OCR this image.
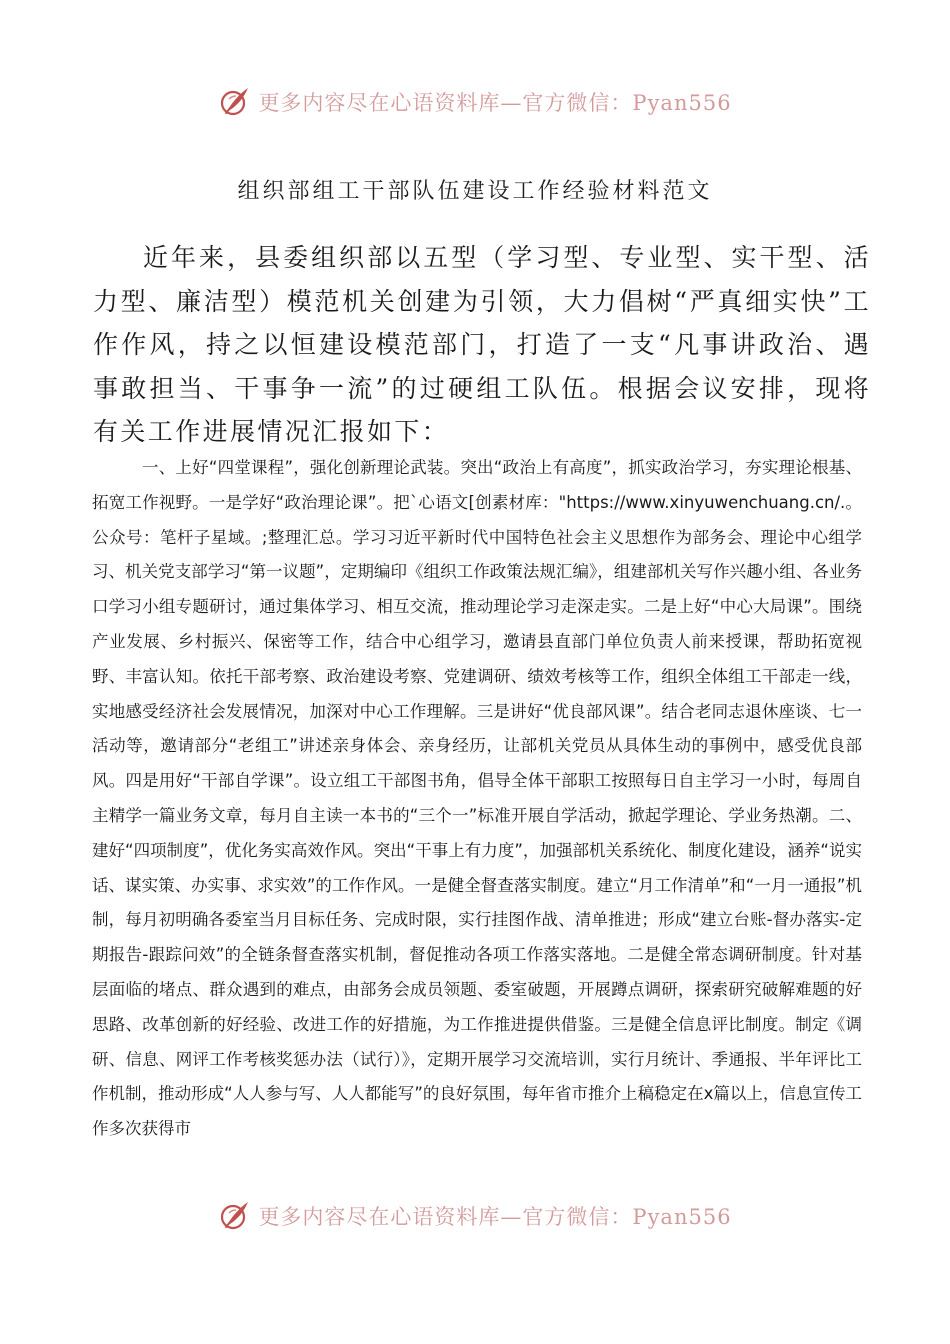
更多内容尽在心语资料库—官方微信：Pyan556
组织部组工干部队伍建设工作经验材料范文

近年来，县委组织部以五型（学习型、专业型、实干型、活力型、廉洁型）模范机关创建为引领，大力倡树“严真细实快”工作作风，持之以恒建设模范部门，打造了一支“凡事讲政治、遇事敢担当、干事争一流”的过硬组工队伍。根据会议安排，现将有关工作进展情况汇报如下：

一、上好“四堂课程”，强化创新理论武装。突出“政治上有高度”，抓实政治学习，夯实理论根基、拓宽工作视野。一是学好“政治理论课”。把`心语文[创素材库："https://www.xinyuwenchuang.cn/.。公众号：笔杆子星域。;整理汇总。学习习近平新时代中国特色社会主义思想作为部务会、理论中心组学习、机关党支部学习“第一议题”，定期编印《组织工作政策法规汇编》，组建部机关写作兴趣小组、各业务口学习小组专题研讨，通过集体学习、相互交流，推动理论学习走深走实。二是上好“中心大局课”。围绕产业发展、乡村振兴、保密等工作，结合中心组学习，邀请县直部门单位负责人前来授课，帮助拓宽视野、丰富认知。依托干部考察、政治建设考察、党建调研、绩效考核等工作，组织全体组工干部走一线，实地感受经济社会发展情况，加深对中心工作理解。三是讲好“优良部风课”。结合老同志退休座谈、七一活动等，邀请部分“老组工”讲述亲身体会、亲身经历，让部机关党员从具体生动的事例中，感受优良部风。四是用好“干部自学课”。设立组工干部图书角，倡导全体干部职工按照每日自主学习一小时，每周自主精学一篇业务文章，每月自主读一本书的“三个一”标准开展自学活动，掀起学理论、学业务热潮。二、建好“四项制度”，优化务实高效作风。突出“干事上有力度”，加强部机关系统化、制度化建设，涵养“说实话、谋实策、办实事、求实效”的工作作风。一是健全督查落实制度。建立“月工作清单”和“一月一通报”机制，每月初明确各委室当月目标任务、完成时限，实行挂图作战、清单推进；形成“建立台账-督办落实-定期报告-跟踪问效”的全链条督查落实机制，督促推动各项工作落实落地。二是健全常态调研制度。针对基层面临的堵点、群众遇到的难点，由部务会成员领题、委室破题，开展蹲点调研，探索研究破解难题的好思路、改革创新的好经验、改进工作的好措施，为工作推进提供借鉴。三是健全信息评比制度。制定《调研、信息、网评工作考核奖惩办法（试行）》，定期开展学习交流培训，实行月统计、季通报、半年评比工作机制，推动形成“人人参与写、人人都能写”的良好氛围，每年省市推介上稿稳定在x篇以上，信息宣传工作多次获得市

更多内容尽在心语资料库—官方微信：Pyan556
